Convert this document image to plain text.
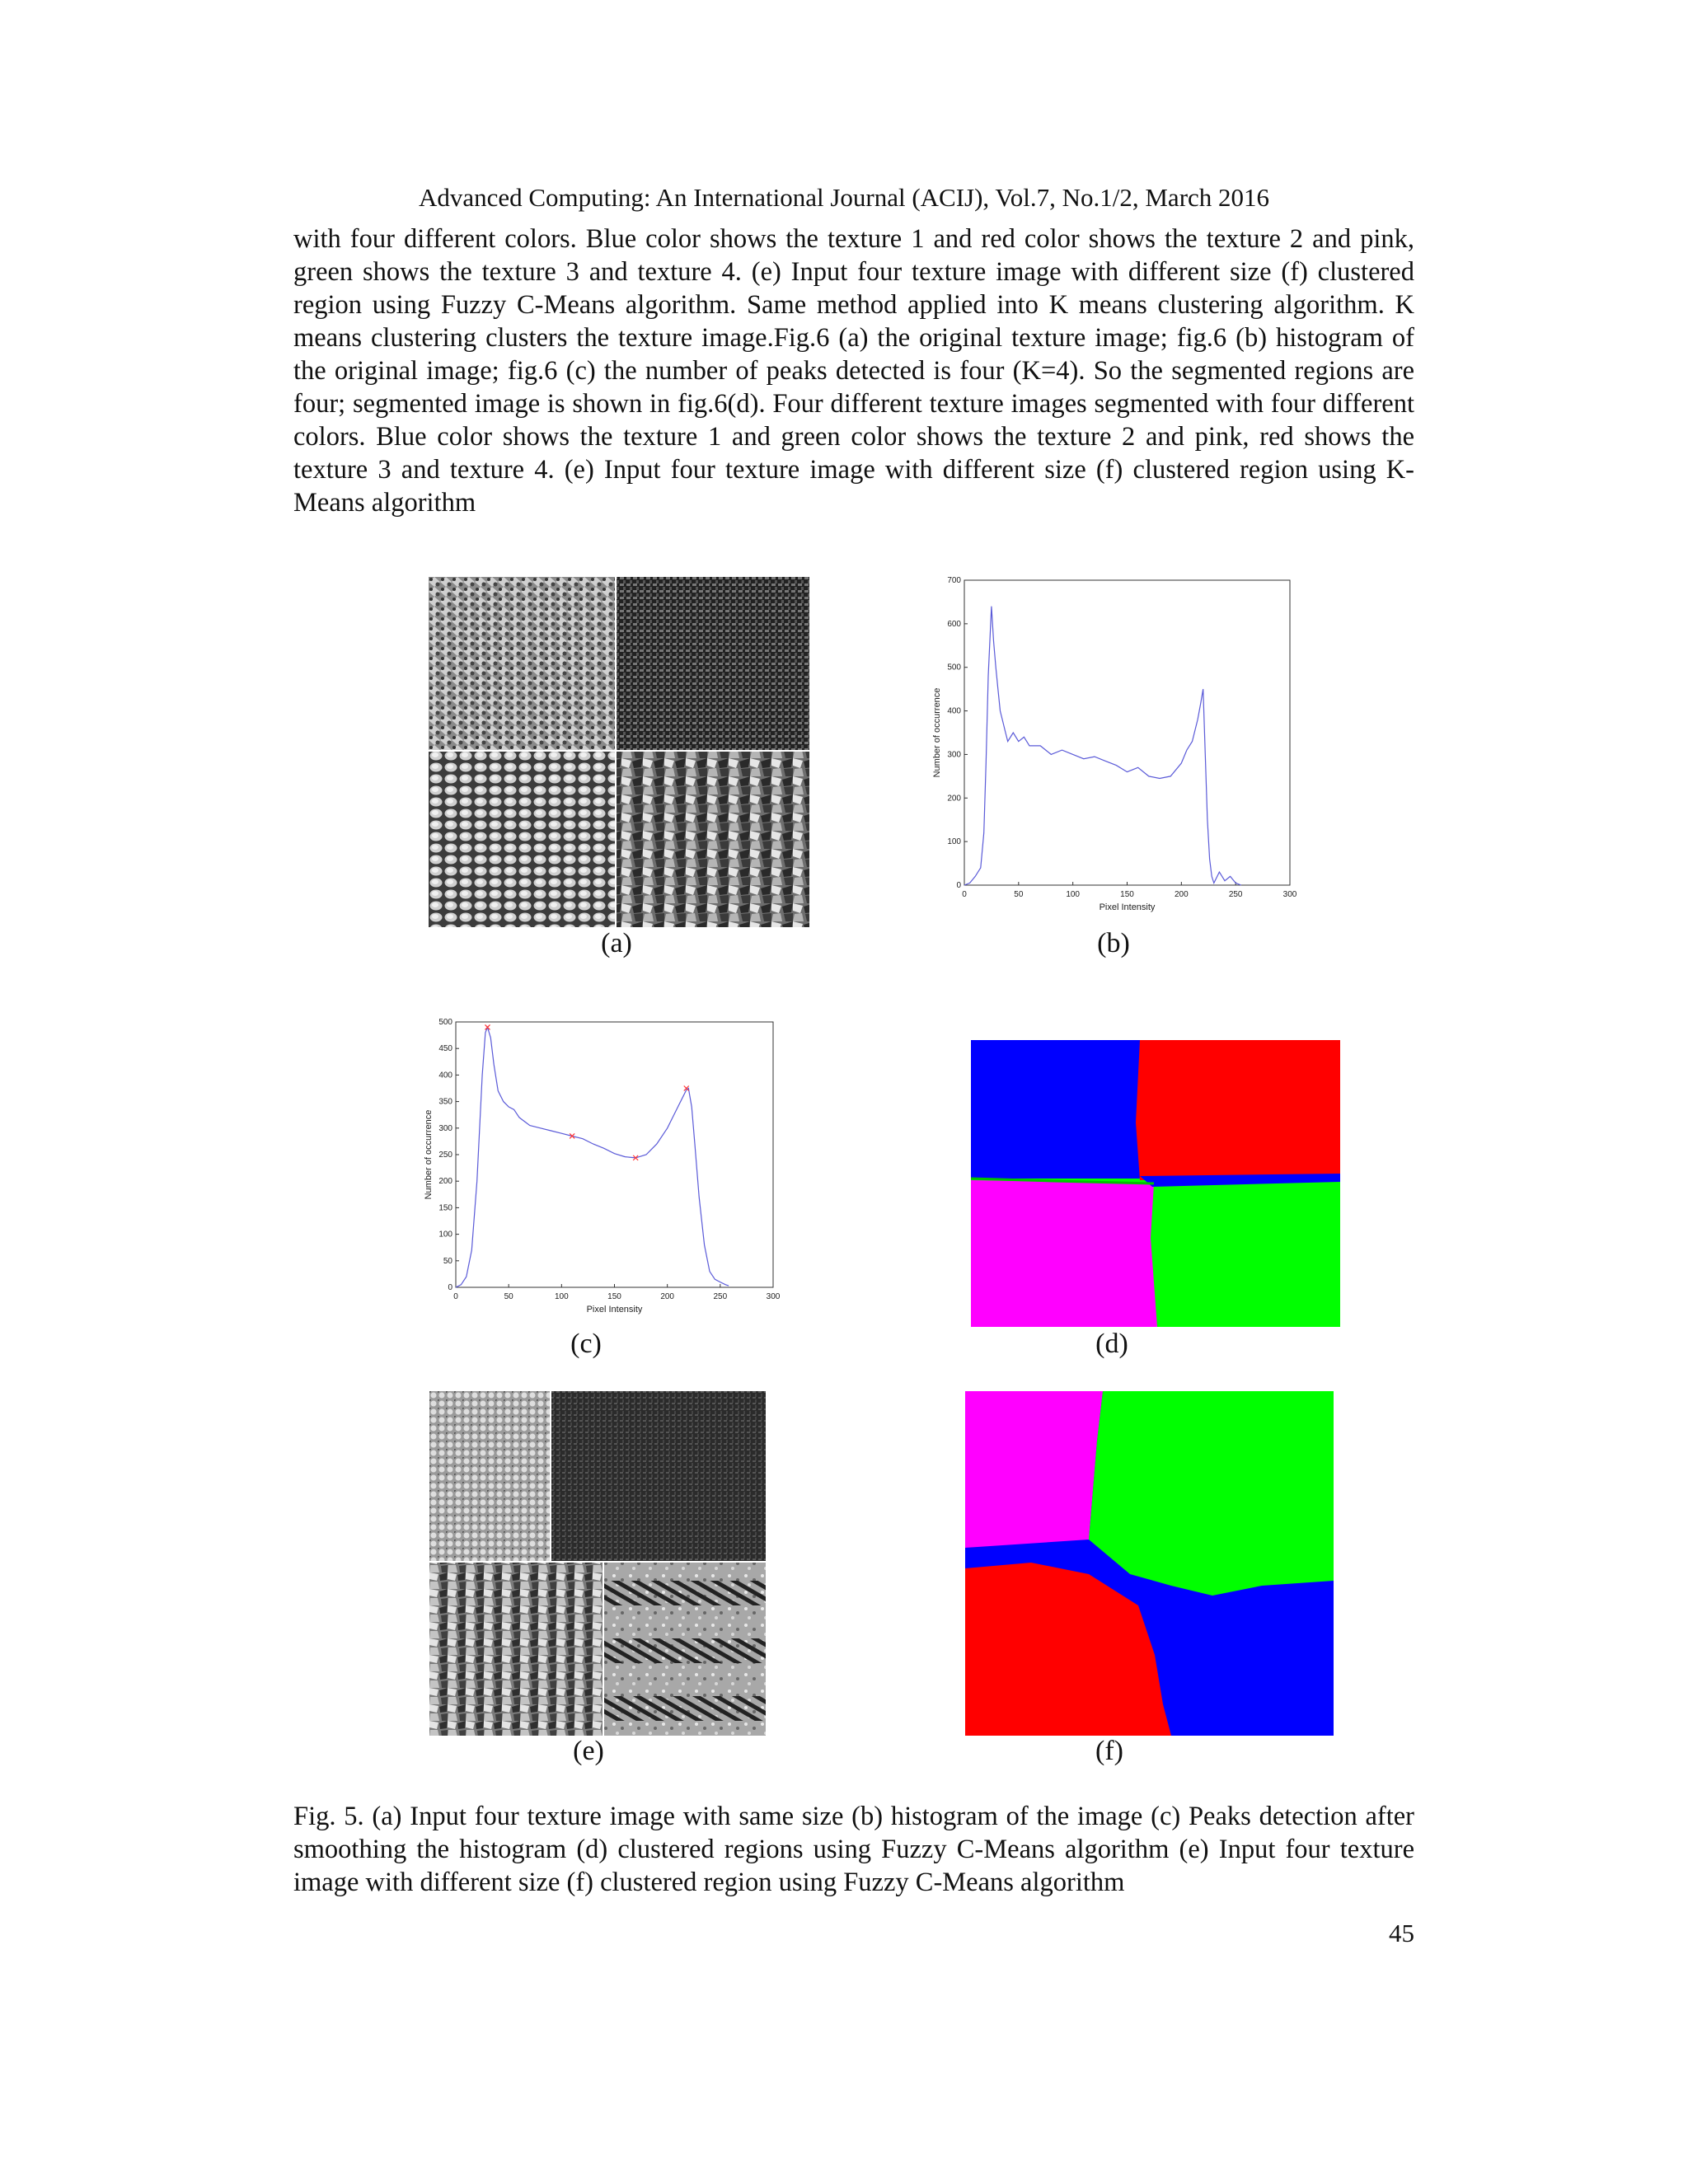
Advanced Computing: An International Journal (ACIJ), Vol.7, No.1/2, March 2016

with four different colors. Blue color shows the texture 1 and red color shows the texture 2 and pink, green shows the texture 3 and texture 4. (e) Input four texture image with different size (f) clustered region using Fuzzy C-Means algorithm. Same method applied into K means clustering algorithm. K means clustering clusters the texture image.Fig.6 (a) the original texture image; fig.6 (b) histogram of the original image; fig.6 (c) the number of peaks detected is four (K=4). So the segmented regions are four; segmented image is shown in fig.6(d). Four different texture images segmented with four different colors. Blue color shows the texture 1 and green color shows the texture 2 and pink, red shows the texture 3 and texture 4. (e) Input four texture image with different size (f) clustered region using K-Means algorithm

(a)
0	50	100	150	200	250	300
0
100
200
300
400
500
600
700
Pixel Intensity
Number of occurrence
(b)
0	50	100	150	200	250	300
0
50
100
150
200
250
300
350
400
450
500
Pixel Intensity
Number of occurrence
(c)	(d)
(e)	(f)

Fig. 5. (a) Input four texture image with same size (b) histogram of the image (c) Peaks detection after smoothing the histogram (d) clustered regions using Fuzzy C-Means algorithm (e) Input four texture image with different size (f) clustered region using Fuzzy C-Means algorithm

45
